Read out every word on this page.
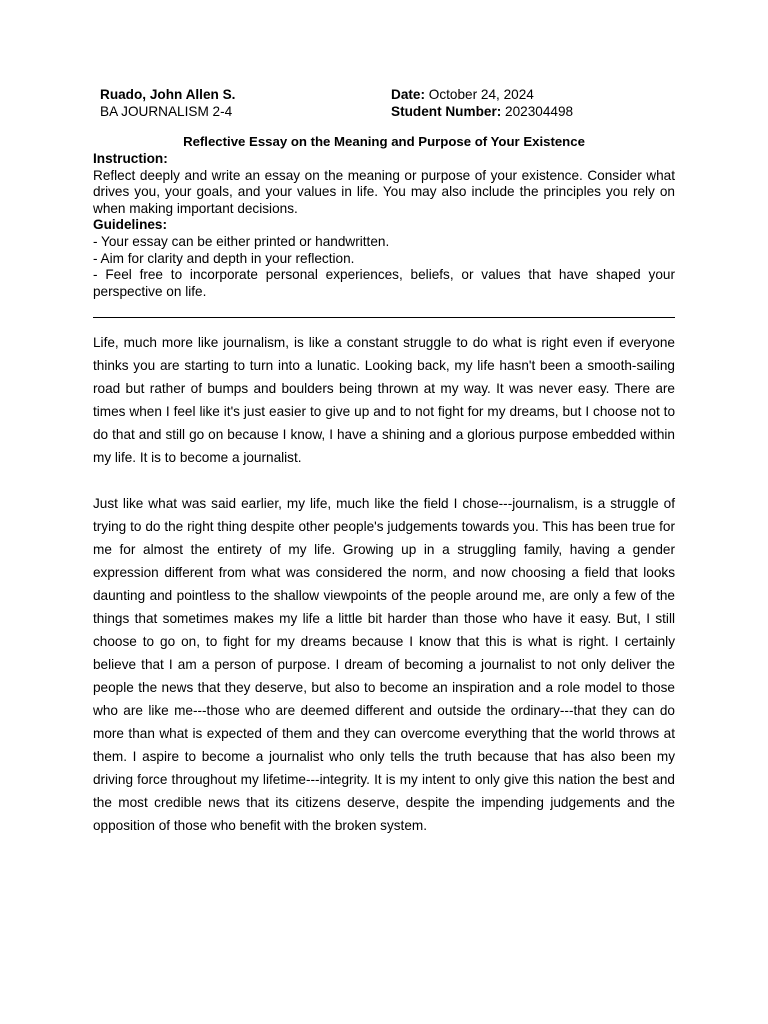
Ruado, John Allen S.
BA JOURNALISM 2-4
Date: October 24, 2024
Student Number: 202304498
Reflective Essay on the Meaning and Purpose of Your Existence

Instruction:

Reflect deeply and write an essay on the meaning or purpose of your existence. Consider what drives you, your goals, and your values in life. You may also include the principles you rely on when making important decisions.

Guidelines:

- Your essay can be either printed or handwritten.

- Aim for clarity and depth in your reflection.

- Feel free to incorporate personal experiences, beliefs, or values that have shaped your perspective on life.

Life, much more like journalism, is like a constant struggle to do what is right even if everyone thinks you are starting to turn into a lunatic. Looking back, my life hasn't been a smooth-sailing road but rather of bumps and boulders being thrown at my way. It was never easy. There are times when I feel like it's just easier to give up and to not fight for my dreams, but I choose not to do that and still go on because I know, I have a shining and a glorious purpose embedded within my life. It is to become a journalist.

Just like what was said earlier, my life, much like the field I chose---journalism, is a struggle of trying to do the right thing despite other people's judgements towards you. This has been true for me for almost the entirety of my life. Growing up in a struggling family, having a gender expression different from what was considered the norm, and now choosing a field that looks daunting and pointless to the shallow viewpoints of the people around me, are only a few of the things that sometimes makes my life a little bit harder than those who have it easy. But, I still choose to go on, to fight for my dreams because I know that this is what is right. I certainly believe that I am a person of purpose. I dream of becoming a journalist to not only deliver the people the news that they deserve, but also to become an inspiration and a role model to those who are like me---those who are deemed different and outside the ordinary---that they can do more than what is expected of them and they can overcome everything that the world throws at them. I aspire to become a journalist who only tells the truth because that has also been my driving force throughout my lifetime---integrity. It is my intent to only give this nation the best and the most credible news that its citizens deserve, despite the impending judgements and the opposition of those who benefit with the broken system.
